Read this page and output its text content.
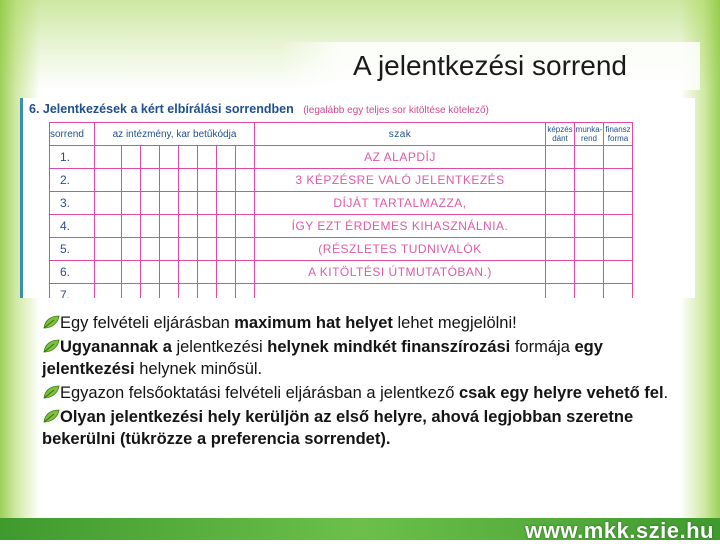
A jelentkezési sorrend
6. Jelentkezések a kért elbírálási sorrendben (legalább egy teljes sor kitöltése kötelező)
sorrend	az intézmény, kar betűkódja								szak	képzés dánt	munka-rend	finansz forma
1.									AZ ALAPDÍJ			
2.									3 KÉPZÉSRE VALÓ JELENTKEZÉS			
3.									DÍJÁT TARTALMAZZA,			
4.									ÍGY EZT ÉRDEMES KIHASZNÁLNIA.			
5.									(RÉSZLETES TUDNIVALÓK			
6.									A KITÖLTÉSI ÚTMUTATÓBAN.)			
7.												
Egy felvételi eljárásban maximum hat helyet lehet megjelölni!
Ugyanannak a jelentkezési helynek mindkét finanszírozási formája egy jelentkezési helynek minősül.
Egyazon felsőoktatási felvételi eljárásban a jelentkező csak egy helyre vehető fel.
Olyan jelentkezési hely kerüljön az első helyre, ahová legjobban szeretne bekerülni (tükrözze a preferencia sorrendet).
www.mkk.szie.hu
